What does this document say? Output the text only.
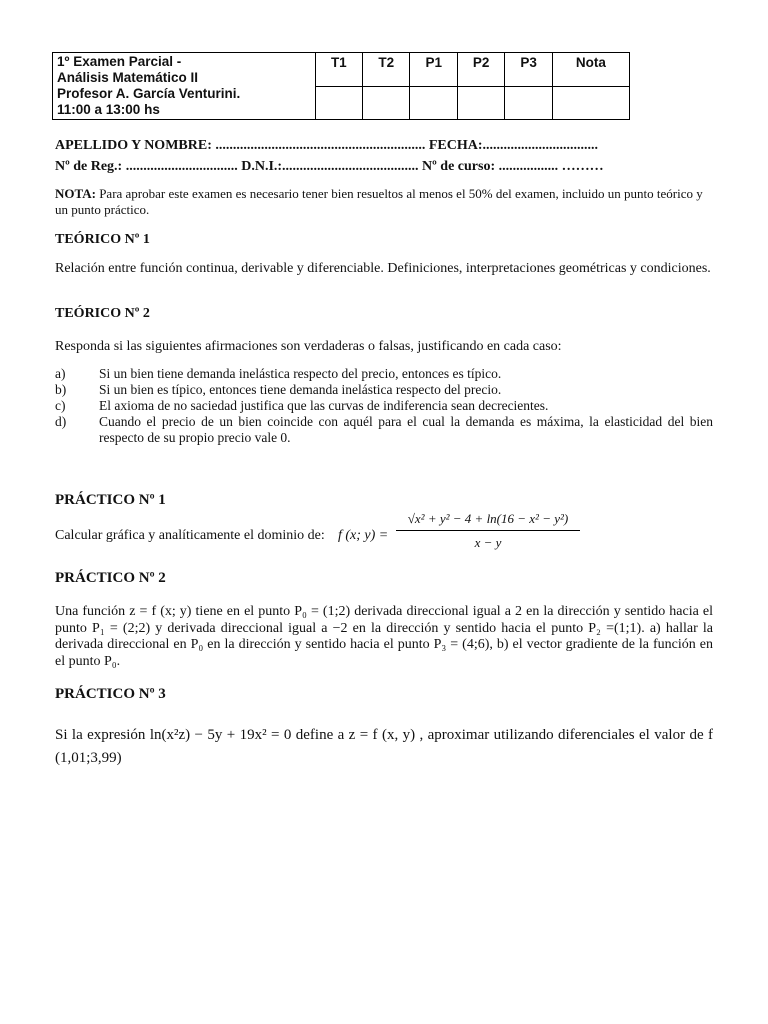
1º Examen Parcial -
Análisis Matemático II
Profesor A. García Venturini.
11:00 a 13:00 hs	T1	T2	P1	P2	P3	Nota

APELLIDO Y NOMBRE: ............................................................ FECHA:.................................
Nº de Reg.: ................................ D.N.I.:....................................... Nº de curso: ................. ………
NOTA: Para aprobar este examen es necesario tener bien resueltos al menos el 50% del examen, incluido un punto teórico y un punto práctico.
TEÓRICO Nº 1
Relación entre función continua, derivable y diferenciable. Definiciones, interpretaciones geométricas y condiciones.
TEÓRICO Nº 2
Responda si las siguientes afirmaciones son verdaderas o falsas, justificando en cada caso:
a) Si un bien tiene demanda inelástica respecto del precio, entonces es típico.
b) Si un bien es típico, entonces tiene demanda inelástica respecto del precio.
c) El axioma de no saciedad justifica que las curvas de indiferencia sean decrecientes.
d) Cuando el precio de un bien coincide con aquél para el cual la demanda es máxima, la elasticidad del bien respecto de su propio precio vale 0.
PRÁCTICO Nº 1
Calcular gráfica y analíticamente el dominio de: f (x; $y) = \frac{\text{√x² + y² − 4 + ln(16 − x² − y²)}}{x - y}$
PRÁCTICO Nº 2
Una función z = f (x; y) tiene en el punto P₀ = (1;2) derivada direccional igual a 2 en la dirección y sentido hacia el punto P₁ = (2;2) y derivada direccional igual a −2 en la dirección y sentido hacia el punto P₂ =(1;1). a) hallar la derivada direccional en P₀ en la dirección y sentido hacia el punto P₃ = (4;6), b) el vector gradiente de la función en el punto P₀.
PRÁCTICO Nº 3
Si la expresión ln(x²z) − 5y + 19x² = 0 define a z = f (x, y) , aproximar utilizando diferenciales el valor de f (1,01;3,99)
